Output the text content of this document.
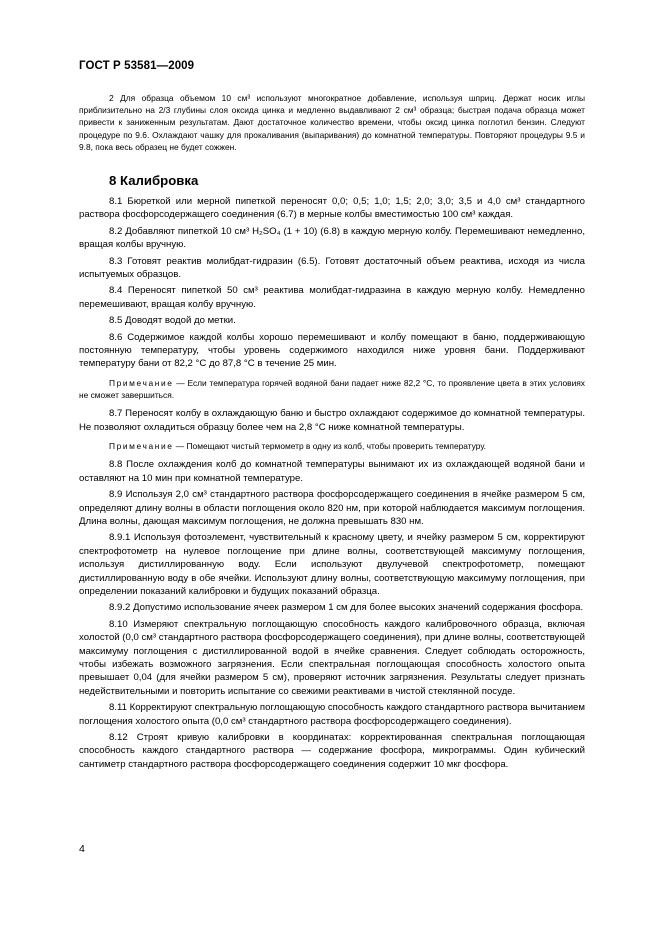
ГОСТ Р 53581—2009

2 Для образца объемом 10 см³ используют многократное добавление, используя шприц. Держат носик иглы приблизительно на 2/3 глубины слоя оксида цинка и медленно выдавливают 2 см³ образца; быстрая подача образца может привести к заниженным результатам. Дают достаточное количество времени, чтобы оксид цинка поглотил бензин. Следуют процедуре по 9.6. Охлаждают чашку для прокаливания (выпаривания) до комнатной температуры. Повторяют процедуры 9.5 и 9.8, пока весь образец не будет сожжен.

8 Калибровка

8.1 Бюреткой или мерной пипеткой переносят 0,0; 0,5; 1,0; 1,5; 2,0; 3,0; 3,5 и 4,0 см³ стандартного раствора фосфорсодержащего соединения (6.7) в мерные колбы вместимостью 100 см³ каждая.

8.2 Добавляют пипеткой 10 см³ H₂SO₄ (1 + 10) (6.8) в каждую мерную колбу. Перемешивают немедленно, вращая колбы вручную.

8.3 Готовят реактив молибдат-гидразин (6.5). Готовят достаточный объем реактива, исходя из числа испытуемых образцов.

8.4 Переносят пипеткой 50 см³ реактива молибдат-гидразина в каждую мерную колбу. Немедленно перемешивают, вращая колбу вручную.

8.5 Доводят водой до метки.

8.6 Содержимое каждой колбы хорошо перемешивают и колбу помещают в баню, поддерживающую постоянную температуру, чтобы уровень содержимого находился ниже уровня бани. Поддерживают температуру бани от 82,2 °С до 87,8 °С в течение 25 мин.

Примечание — Если температура горячей водяной бани падает ниже 82,2 °С, то проявление цвета в этих условиях не сможет завершиться.

8.7 Переносят колбу в охлаждающую баню и быстро охлаждают содержимое до комнатной температуры. Не позволяют охладиться образцу более чем на 2,8 °С ниже комнатной температуры.

Примечание — Помещают чистый термометр в одну из колб, чтобы проверить температуру.

8.8 После охлаждения колб до комнатной температуры вынимают их из охлаждающей водяной бани и оставляют на 10 мин при комнатной температуре.

8.9 Используя 2,0 см³ стандартного раствора фосфорсодержащего соединения в ячейке размером 5 см, определяют длину волны в области поглощения около 820 нм, при которой наблюдается максимум поглощения. Длина волны, дающая максимум поглощения, не должна превышать 830 нм.

8.9.1 Используя фотоэлемент, чувствительный к красному цвету, и ячейку размером 5 см, корректируют спектрофотометр на нулевое поглощение при длине волны, соответствующей максимуму поглощения, используя дистиллированную воду. Если используют двулучевой спектрофотометр, помещают дистиллированную воду в обе ячейки. Используют длину волны, соответствующую максимуму поглощения, при определении показаний калибровки и будущих показаний образца.

8.9.2 Допустимо использование ячеек размером 1 см для более высоких значений содержания фосфора.

8.10 Измеряют спектральную поглощающую способность каждого калибровочного образца, включая холостой (0,0 см³ стандартного раствора фосфорсодержащего соединения), при длине волны, соответствующей максимуму поглощения с дистиллированной водой в ячейке сравнения. Следует соблюдать осторожность, чтобы избежать возможного загрязнения. Если спектральная поглощающая способность холостого опыта превышает 0,04 (для ячейки размером 5 см), проверяют источник загрязнения. Результаты следует признать недействительными и повторить испытание со свежими реактивами в чистой стеклянной посуде.

8.11 Корректируют спектральную поглощающую способность каждого стандартного раствора вычитанием поглощения холостого опыта (0,0 см³ стандартного раствора фосфорсодержащего соединения).

8.12 Строят кривую калибровки в координатах: корректированная спектральная поглощающая способность каждого стандартного раствора — содержание фосфора, микрограммы. Один кубический сантиметр стандартного раствора фосфорсодержащего соединения содержит 10 мкг фосфора.

4
